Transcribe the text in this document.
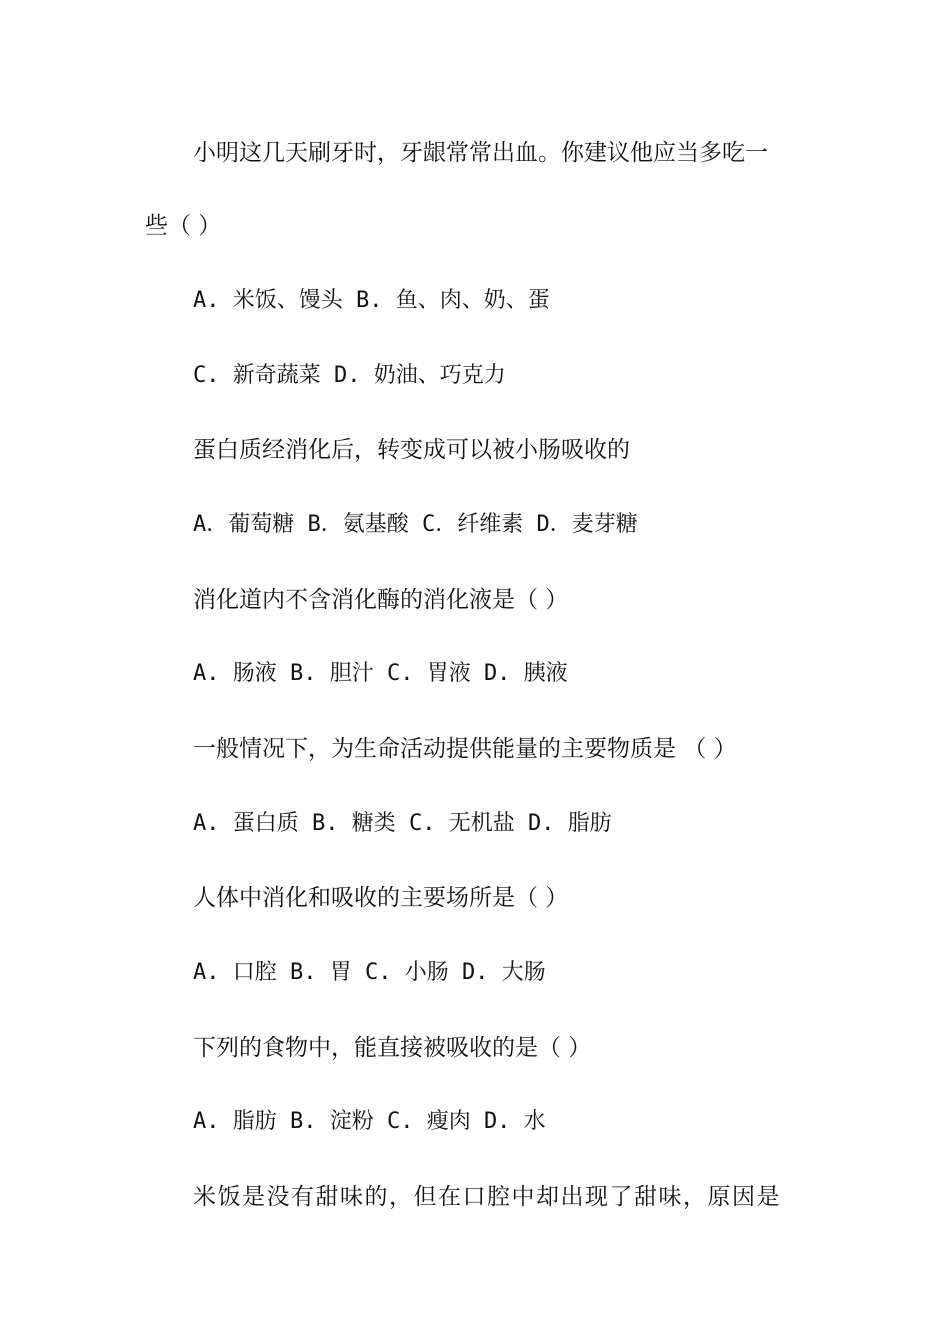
小明这几天刷牙时，牙龈常常出血。你建议他应当多吃一
些（ ）
A. 米饭、馒头 B. 鱼、肉、奶、蛋
C. 新奇蔬菜 D. 奶油、巧克力
蛋白质经消化后，转变成可以被小肠吸收的
A．葡萄糖 B．氨基酸 C．纤维素 D．麦芽糖
消化道内不含消化酶的消化液是（ ）
A. 肠液 B. 胆汁 C. 胃液 D. 胰液
一般情况下，为生命活动提供能量的主要物质是 （ ）
A. 蛋白质 B. 糖类 C. 无机盐 D. 脂肪
人体中消化和吸收的主要场所是（ ）
A. 口腔 B. 胃 C. 小肠 D. 大肠
下列的食物中，能直接被吸收的是（ ）
A. 脂肪 B. 淀粉 C. 瘦肉 D. 水
米饭是没有甜味的，但在口腔中却出现了甜味，原因是
